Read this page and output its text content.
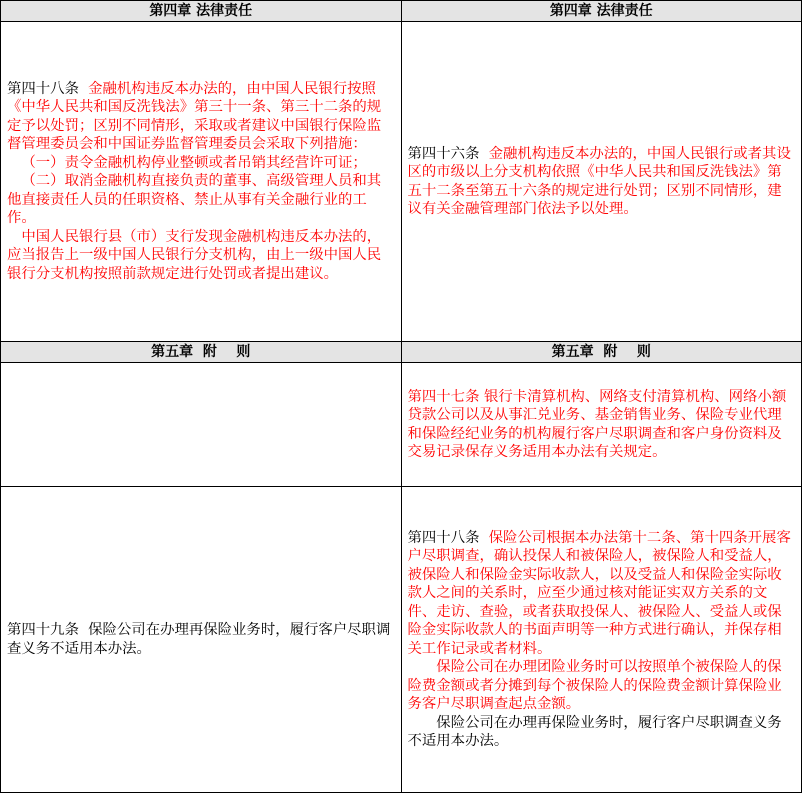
第四章 法律责任	第四章 法律责任

第四十八条 金融机构违反本办法的，由中国人民银行按照《中华人民共和国反洗钱法》第三十一条、第三十二条的规定予以处罚；区别不同情形，采取或者建议中国银行保险监督管理委员会和中国证券监督管理委员会采取下列措施：

（一）责令金融机构停业整顿或者吊销其经营许可证；

（二）取消金融机构直接负责的董事、高级管理人员和其他直接责任人员的任职资格、禁止从事有关金融行业的工作。

中国人民银行县（市）支行发现金融机构违反本办法的，应当报告上一级中国人民银行分支机构，由上一级中国人民银行分支机构按照前款规定进行处罚或者提出建议。	第四十六条 金融机构违反本办法的，中国人民银行或者其设区的市级以上分支机构依照《中华人民共和国反洗钱法》第五十二条至第五十六条的规定进行处罚；区别不同情形，建议有关金融管理部门依法予以处理。

第五章  附    则	第五章  附    则

	第四十七条 银行卡清算机构、网络支付清算机构、网络小额贷款公司以及从事汇兑业务、基金销售业务、保险专业代理和保险经纪业务的机构履行客户尽职调查和客户身份资料及交易记录保存义务适用本办法有关规定。

第四十九条 保险公司在办理再保险业务时，履行客户尽职调查义务不适用本办法。	第四十八条 保险公司根据本办法第十二条、第十四条开展客户尽职调查，确认投保人和被保险人，被保险人和受益人，被保险人和保险金实际收款人，以及受益人和保险金实际收款人之间的关系时，应至少通过核对能证实双方关系的文件、走访、查验，或者获取投保人、被保险人、受益人或保险金实际收款人的书面声明等一种方式进行确认，并保存相关工作记录或者材料。

保险公司在办理团险业务时可以按照单个被保险人的保险费金额或者分摊到每个被保险人的保险费金额计算保险业务客户尽职调查起点金额。

保险公司在办理再保险业务时，履行客户尽职调查义务不适用本办法。
